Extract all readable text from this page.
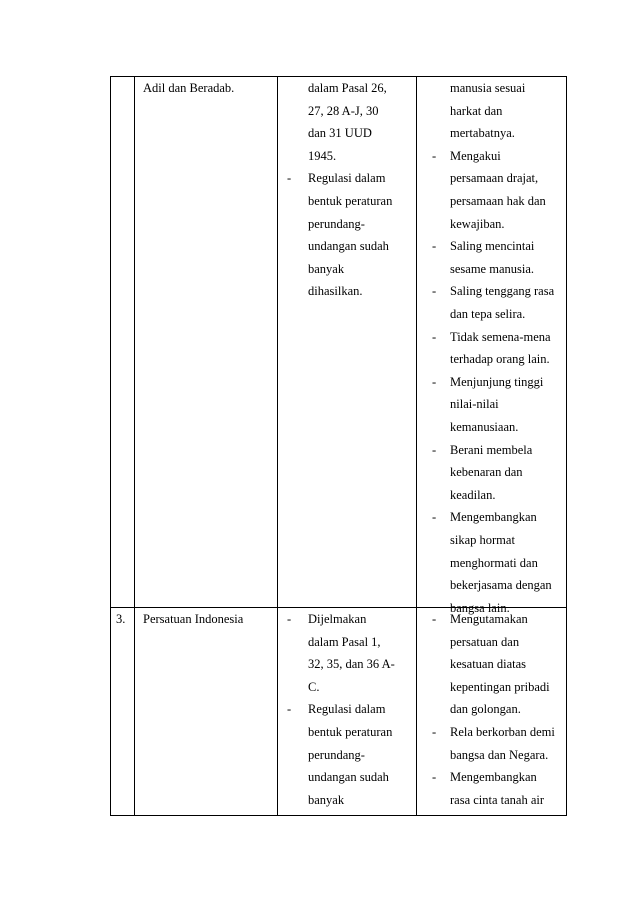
Adil dan Beradab.	dalam Pasal 26,
27, 28 A-J, 30
dan 31 UUD
1945.
- Regulasi dalam
bentuk peraturan
perundang-
undangan sudah
banyak
dihasilkan.
manusia sesuai
harkat dan
mertabatnya.
- Mengakui
persamaan drajat,
persamaan hak dan
kewajiban.
- Saling mencintai
sesame manusia.
- Saling tenggang rasa
dan tepa selira.
- Tidak semena-mena
terhadap orang lain.
- Menjunjung tinggi
nilai-nilai
kemanusiaan.
- Berani membela
kebenaran dan
keadilan.
- Mengembangkan
sikap hormat
menghormati dan
bekerjasama dengan
bangsa lain.
3. Persatuan Indonesia	- Dijelmakan
dalam Pasal 1,
32, 35, dan 36 A-
C.
- Regulasi dalam
bentuk peraturan
perundang-
undangan sudah
banyak
- Mengutamakan
persatuan dan
kesatuan diatas
kepentingan pribadi
dan golongan.
- Rela berkorban demi
bangsa dan Negara.
- Mengembangkan
rasa cinta tanah air
